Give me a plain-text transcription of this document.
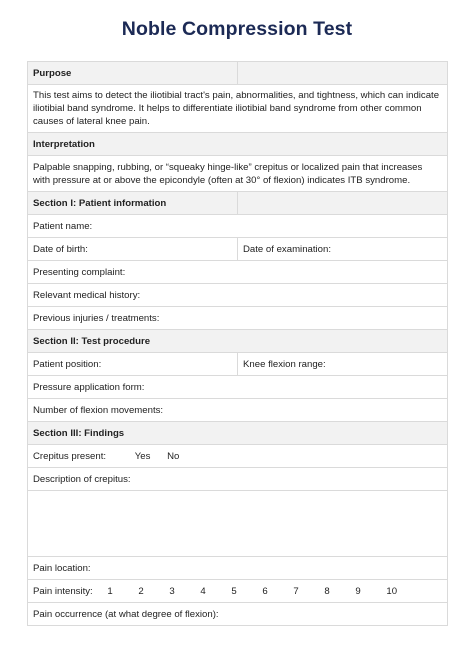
Noble Compression Test
Purpose	
This test aims to detect the iliotibial tract's pain, abnormalities, and tightness, which can indicate iliotibial band syndrome. It helps to differentiate iliotibial band syndrome from other common causes of lateral knee pain.	
Interpretation	
Palpable snapping, rubbing, or “squeaky hinge-like” crepitus or localized pain that increases with pressure at or above the epicondyle (often at 30° of flexion) indicates ITB syndrome.	
Section I: Patient information	
Patient name:	
Date of birth:	Date of examination:
Presenting complaint:	
Relevant medical history:	
Previous injuries / treatments:	
Section II: Test procedure	
Patient position:	Knee flexion range:
Pressure application form:	
Number of flexion movements:	
Section III: Findings	
Crepitus present: Yes No	
Description of crepitus:	

Pain location:	
Pain intensity: 1 2 3 4 5 6 7 8 9 10	
Pain occurrence (at what degree of flexion):	
